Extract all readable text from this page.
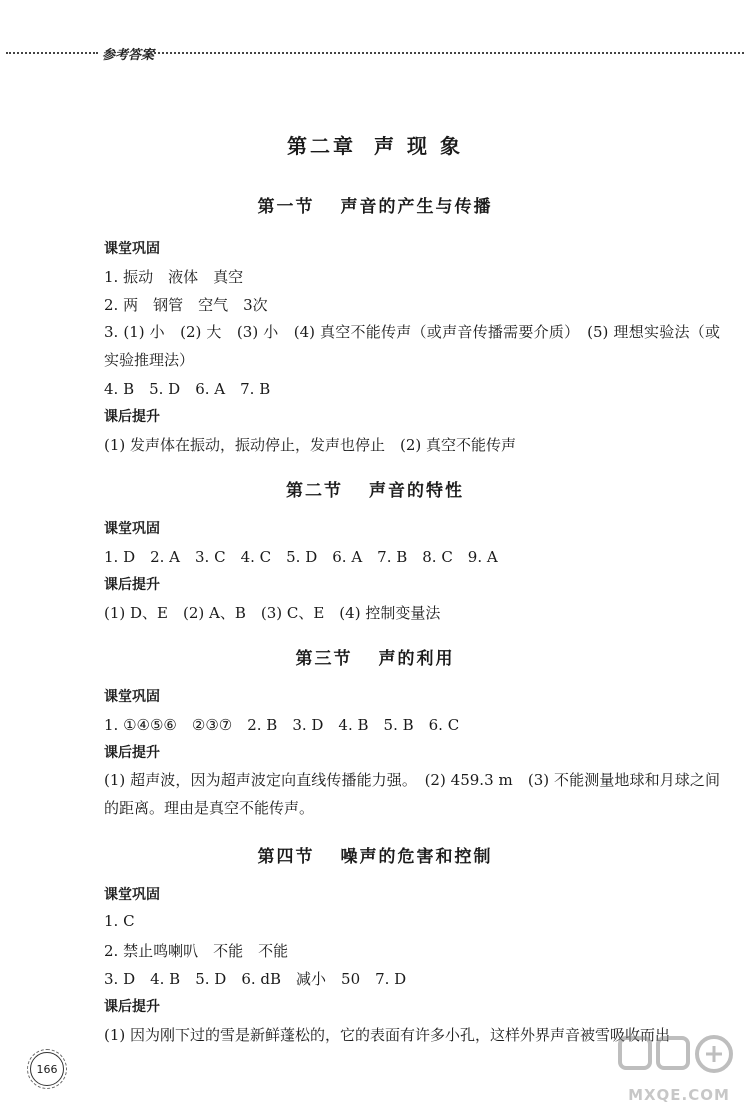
参考答案
第二章 声 现 象
第一节 声音的产生与传播
课堂巩固
1. 振动　液体　真空
2. 两　钢管　空气　3次
3. (1) 小　(2) 大　(3) 小　(4) 真空不能传声（或声音传播需要介质）　(5) 理想实验法（或实验推理法）
4. B　5. D　6. A　7. B
课后提升
(1) 发声体在振动，振动停止，发声也停止　(2) 真空不能传声
第二节 声音的特性
课堂巩固
1. D　2. A　3. C　4. C　5. D　6. A　7. B　8. C　9. A
课后提升
(1) D、E　(2) A、B　(3) C、E　(4) 控制变量法
第三节 声的利用
课堂巩固
1. ①④⑤⑥　②③⑦　2. B　3. D　4. B　5. B　6. C
课后提升
(1) 超声波，因为超声波定向直线传播能力强。　(2) 459.3 m　(3) 不能测量地球和月球之间的距离。理由是真空不能传声。
第四节 噪声的危害和控制
课堂巩固
1. C
2. 禁止鸣喇叭　不能　不能
3. D　4. B　5. D　6. dB　减小　50　7. D
课后提升
(1) 因为刚下过的雪是新鲜蓬松的，它的表面有许多小孔，这样外界声音被雪吸收而出
166
MXQE.COM
